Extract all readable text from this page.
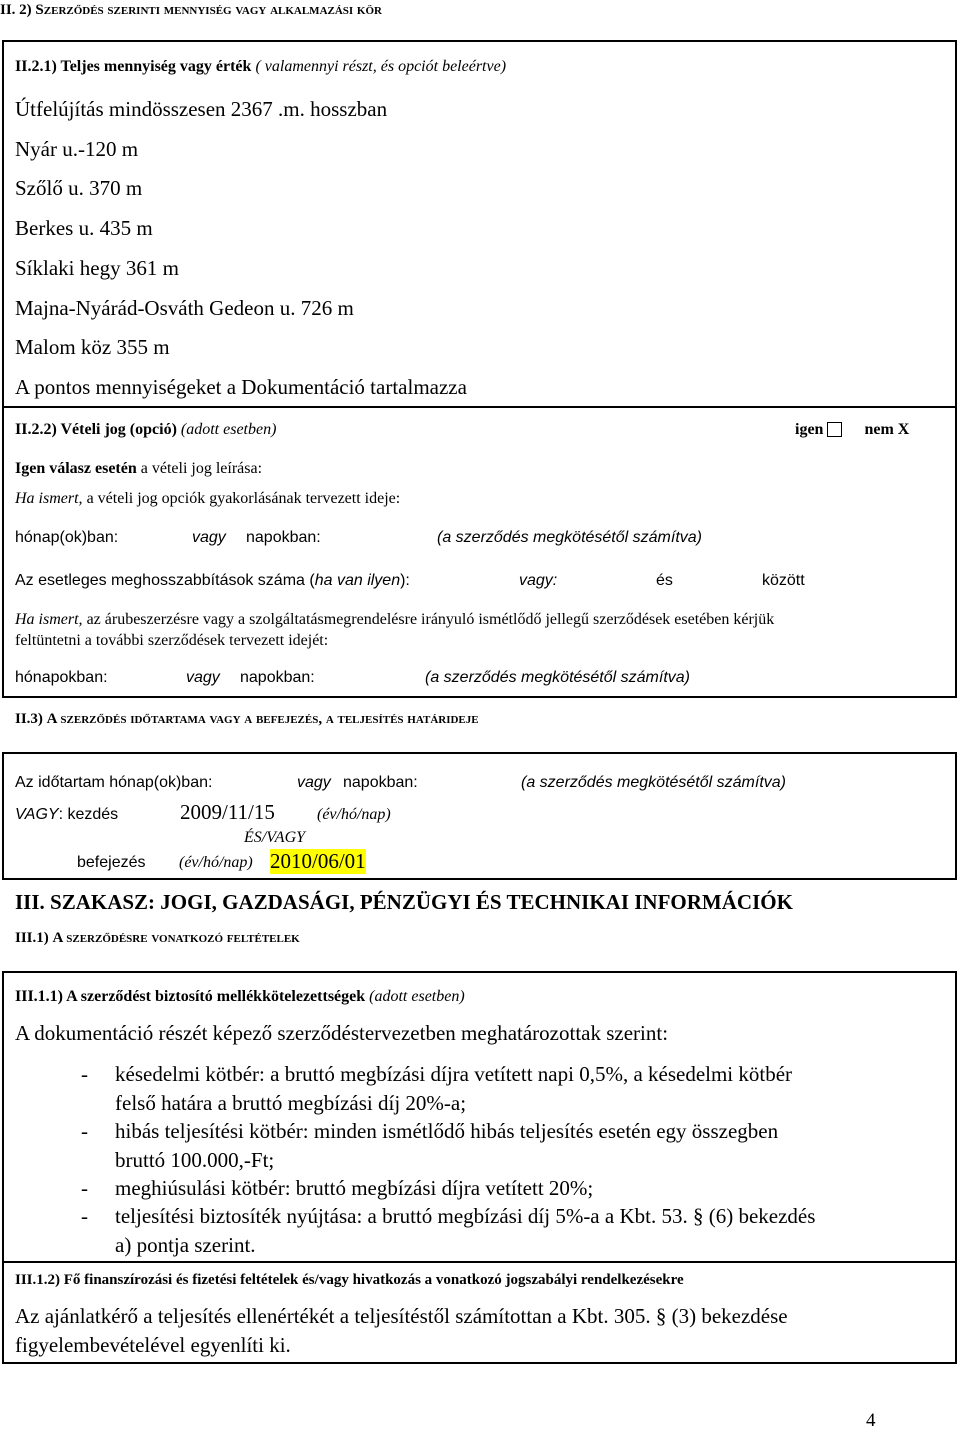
II. 2) Szerződés szerinti mennyiség vagy alkalmazási kör
II.2.1) Teljes mennyiség vagy érték ( valamennyi részt, és opciót beleértve)
Útfelújítás mindösszesen 2367 .m. hosszban
Nyár u.-120 m
Szőlő u. 370 m
Berkes u. 435 m
Síklaki hegy 361 m
Majna-Nyárád-Osváth Gedeon u. 726 m
Malom köz 355 m
A pontos mennyiségeket a Dokumentáció tartalmazza
II.2.2) Vételi jog (opció) (adott esetben)	igen	nem X
Igen válasz esetén a vételi jog leírása:
Ha ismert, a vételi jog opciók gyakorlásának tervezett ideje:
hónap(ok)ban:	vagy napokban:	(a szerződés megkötésétől számítva)
Az esetleges meghosszabbítások száma (ha van ilyen):	vagy:	és	között
Ha ismert, az árubeszerzésre vagy a szolgáltatásmegrendelésre irányuló ismétlődő jellegű szerződések esetében kérjük
feltüntetni a további szerződések tervezett idejét:
hónapokban:	vagy napokban:	(a szerződés megkötésétől számítva)
II.3) A szerződés időtartama vagy a befejezés, a teljesítés határideje
Az időtartam hónap(ok)ban:	vagy napokban:	(a szerződés megkötésétől számítva)
VAGY: kezdés	2009/11/15	(év/hó/nap)
ÉS/VAGY
befejezés (év/hó/nap) 2010/06/01
III. SZAKASZ: JOGI, GAZDASÁGI, PÉNZÜGYI ÉS TECHNIKAI INFORMÁCIÓK
III.1) A szerződésre vonatkozó feltételek
III.1.1) A szerződést biztosító mellékkötelezettségek (adott esetben)
A dokumentáció részét képező szerződéstervezetben meghatározottak szerint:
- késedelmi kötbér: a bruttó megbízási díjra vetített napi 0,5%, a késedelmi kötbér
felső határa a bruttó megbízási díj 20%-a;
- hibás teljesítési kötbér: minden ismétlődő hibás teljesítés esetén egy összegben
bruttó 100.000,-Ft;
- meghiúsulási kötbér: bruttó megbízási díjra vetített 20%;
- teljesítési biztosíték nyújtása: a bruttó megbízási díj 5%-a a Kbt. 53. § (6) bekezdés
a) pontja szerint.
III.1.2) Fő finanszírozási és fizetési feltételek és/vagy hivatkozás a vonatkozó jogszabályi rendelkezésekre
Az ajánlatkérő a teljesítés ellenértékét a teljesítéstől számítottan a Kbt. 305. § (3) bekezdése
figyelembevételével egyenlíti ki.
4
